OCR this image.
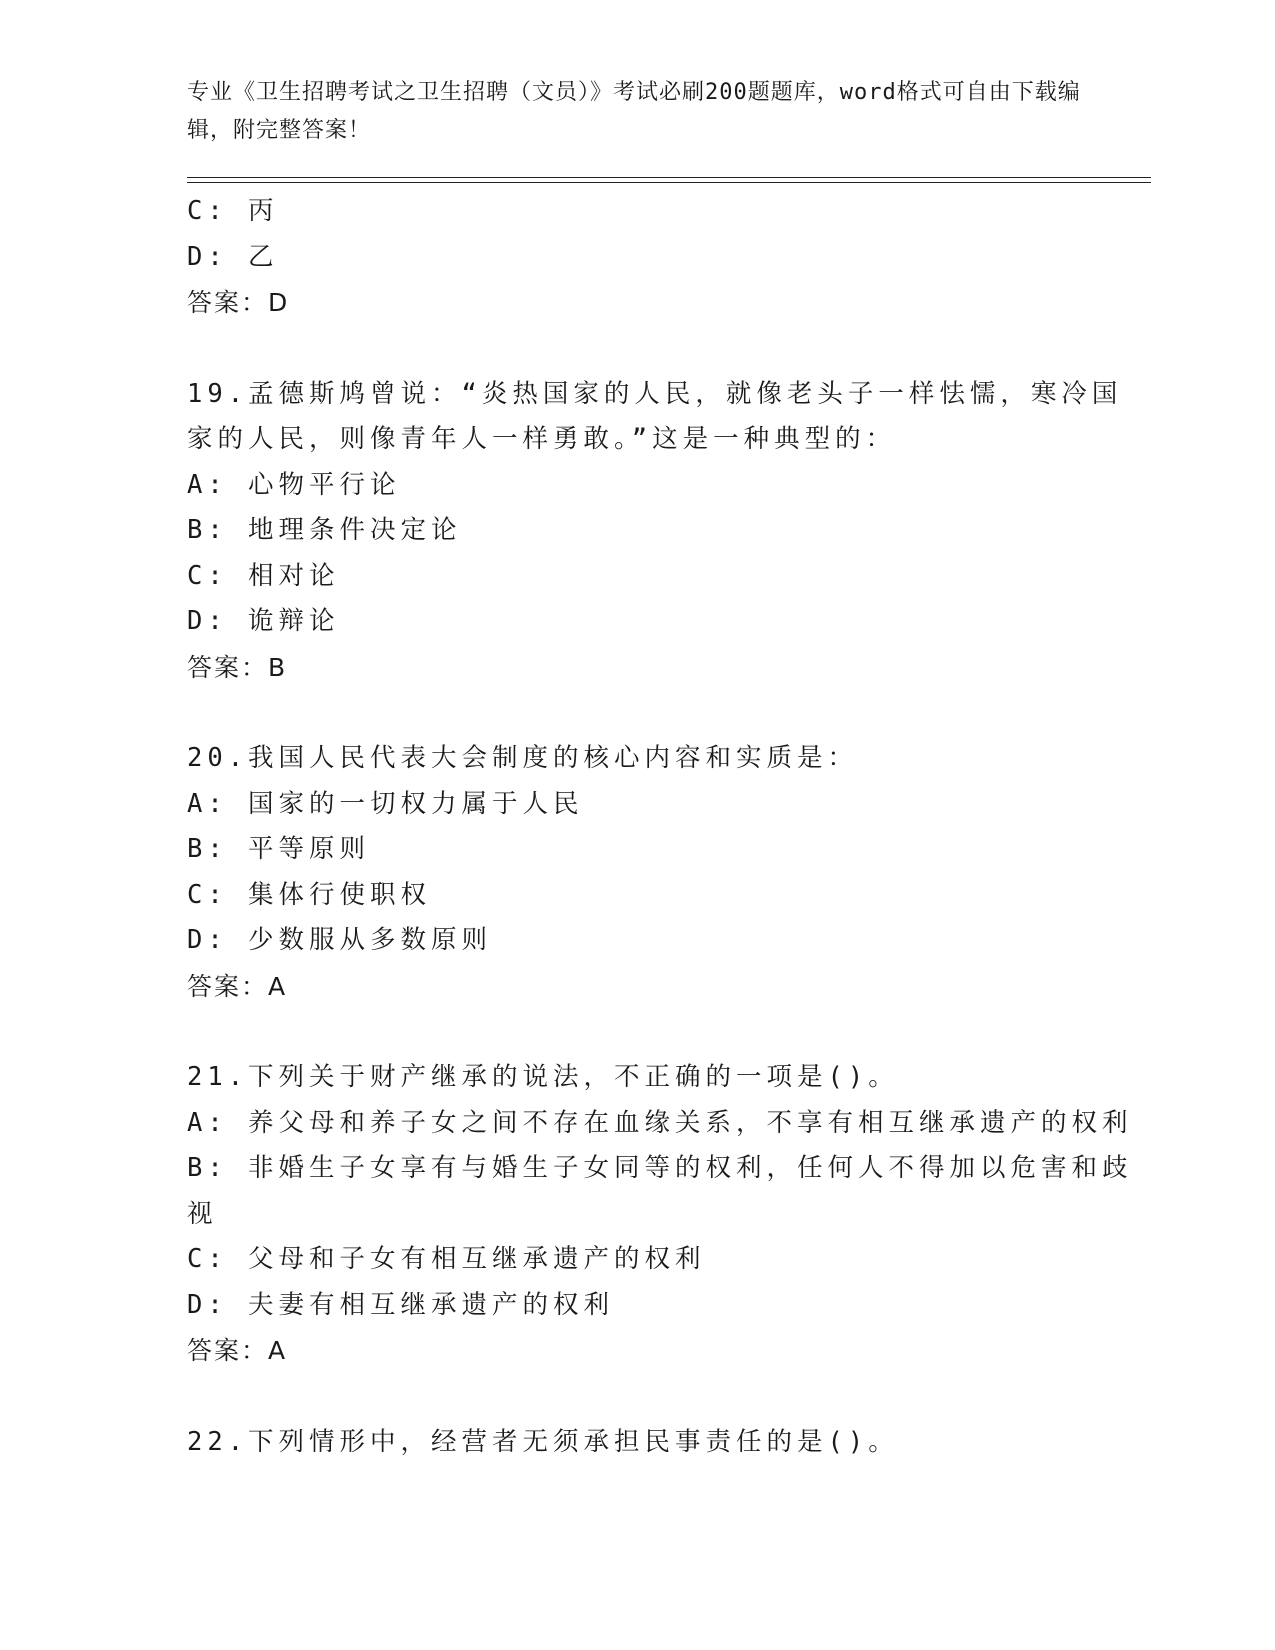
专业《卫生招聘考试之卫生招聘（文员）》考试必刷200题题库，word格式可自由下载编辑，附完整答案！
C: 丙
D: 乙
答案：D
19.孟德斯鸠曾说：“炎热国家的人民，就像老头子一样怯懦，寒冷国
家的人民，则像青年人一样勇敢。”这是一种典型的：
A: 心物平行论
B: 地理条件决定论
C: 相对论
D: 诡辩论
答案：B
20.我国人民代表大会制度的核心内容和实质是：
A: 国家的一切权力属于人民
B: 平等原则
C: 集体行使职权
D: 少数服从多数原则
答案：A
21.下列关于财产继承的说法，不正确的一项是()。
A: 养父母和养子女之间不存在血缘关系，不享有相互继承遗产的权利
B: 非婚生子女享有与婚生子女同等的权利，任何人不得加以危害和歧
视
C: 父母和子女有相互继承遗产的权利
D: 夫妻有相互继承遗产的权利
答案：A
22.下列情形中，经营者无须承担民事责任的是()。
